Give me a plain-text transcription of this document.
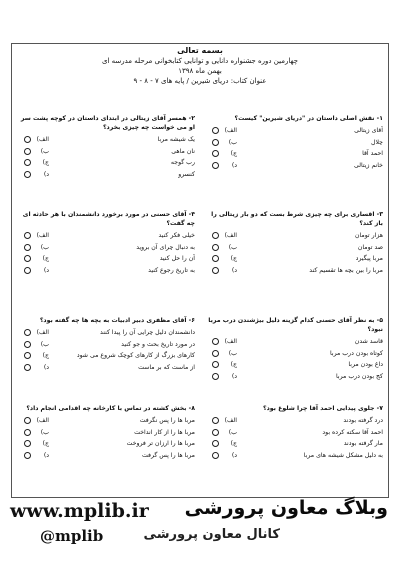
بسمه تعالی
چهارمین دوره جشنواره دانایی و توانایی کتابخوانی مرحله مدرسه ای
بهمن ماه ۱۳۹۸
عنوان کتاب: دریای شیرین / پایه های ۷ - ۸ - ۹
۱- نقش اصلی داستان در "دریای شیرین" کیست؟
آقای زیتالی
الف)
چلال
ب)
احمد آقا
ج)
خانم زیتالی
د)
۲- همسر آقای زیتالی در ابتدای داستان در کوچه پشت سر او می خواست چه چیزی بخرد؟
یک شیشه مربا
الف)
نان ماهی
ب)
رب گوجه
ج)
کنسرو
د)
۳- اقساری برای چه چیزی شرط بست که دو بار زیتالی را باز کند؟
هزار تومان
الف)
صد تومان
ب)
مربا پیگیرد
ج)
مربا را بین بچه ها تقسیم کند
د)
۴- آقای حسنی در مورد برخورد دانشمندان با هر حادثه ای چه گفت؟
خیلی فکر کنید
الف)
به دنبال چرای آن بروید
ب)
آن را حل کنید
ج)
به تاریخ رجوع کنید
د)
۵- به نظر آقای حسنی کدام گزینه دلیل بیژشندن درب مربا نبود؟
قاسد شدن
الف)
کوتاه بودن درب مربا
ب)
داغ بودن مربا
ج)
کج بودن درب مربا
د)
۶- آقای مظفری دبیر ادبیات به بچه ها چه گفته بود؟
دانشمندان دلیل چرایی آن را پیدا کنند
الف)
در مورد تاریخ بحث و جو کنید
ب)
کارهای بزرگ از کارهای کوچک شروع می شود
ج)
از ماست که بر ماست
د)
۷- جلوی پیدایی احمد آقا چرا شلوغ بود؟
درد گرفته بودند
الف)
احمد آقا سکته کرده بود
ب)
مار گرفته بودند
ج)
به دلیل مشکل شیشه های مربا
د)
۸- بخش کشته در تماس با کارخانه چه اقدامی انجام داد؟
مربا ها را پس نگرفت
الف)
مربا ها را از کار انداخت
ب)
مربا ها را ارزان تر فروخت
ج)
مربا ها را پس گرفت
د)
www.mplib.ir وبلاگ معاون پرورشی
کانال معاون پرورشی
@mplib
